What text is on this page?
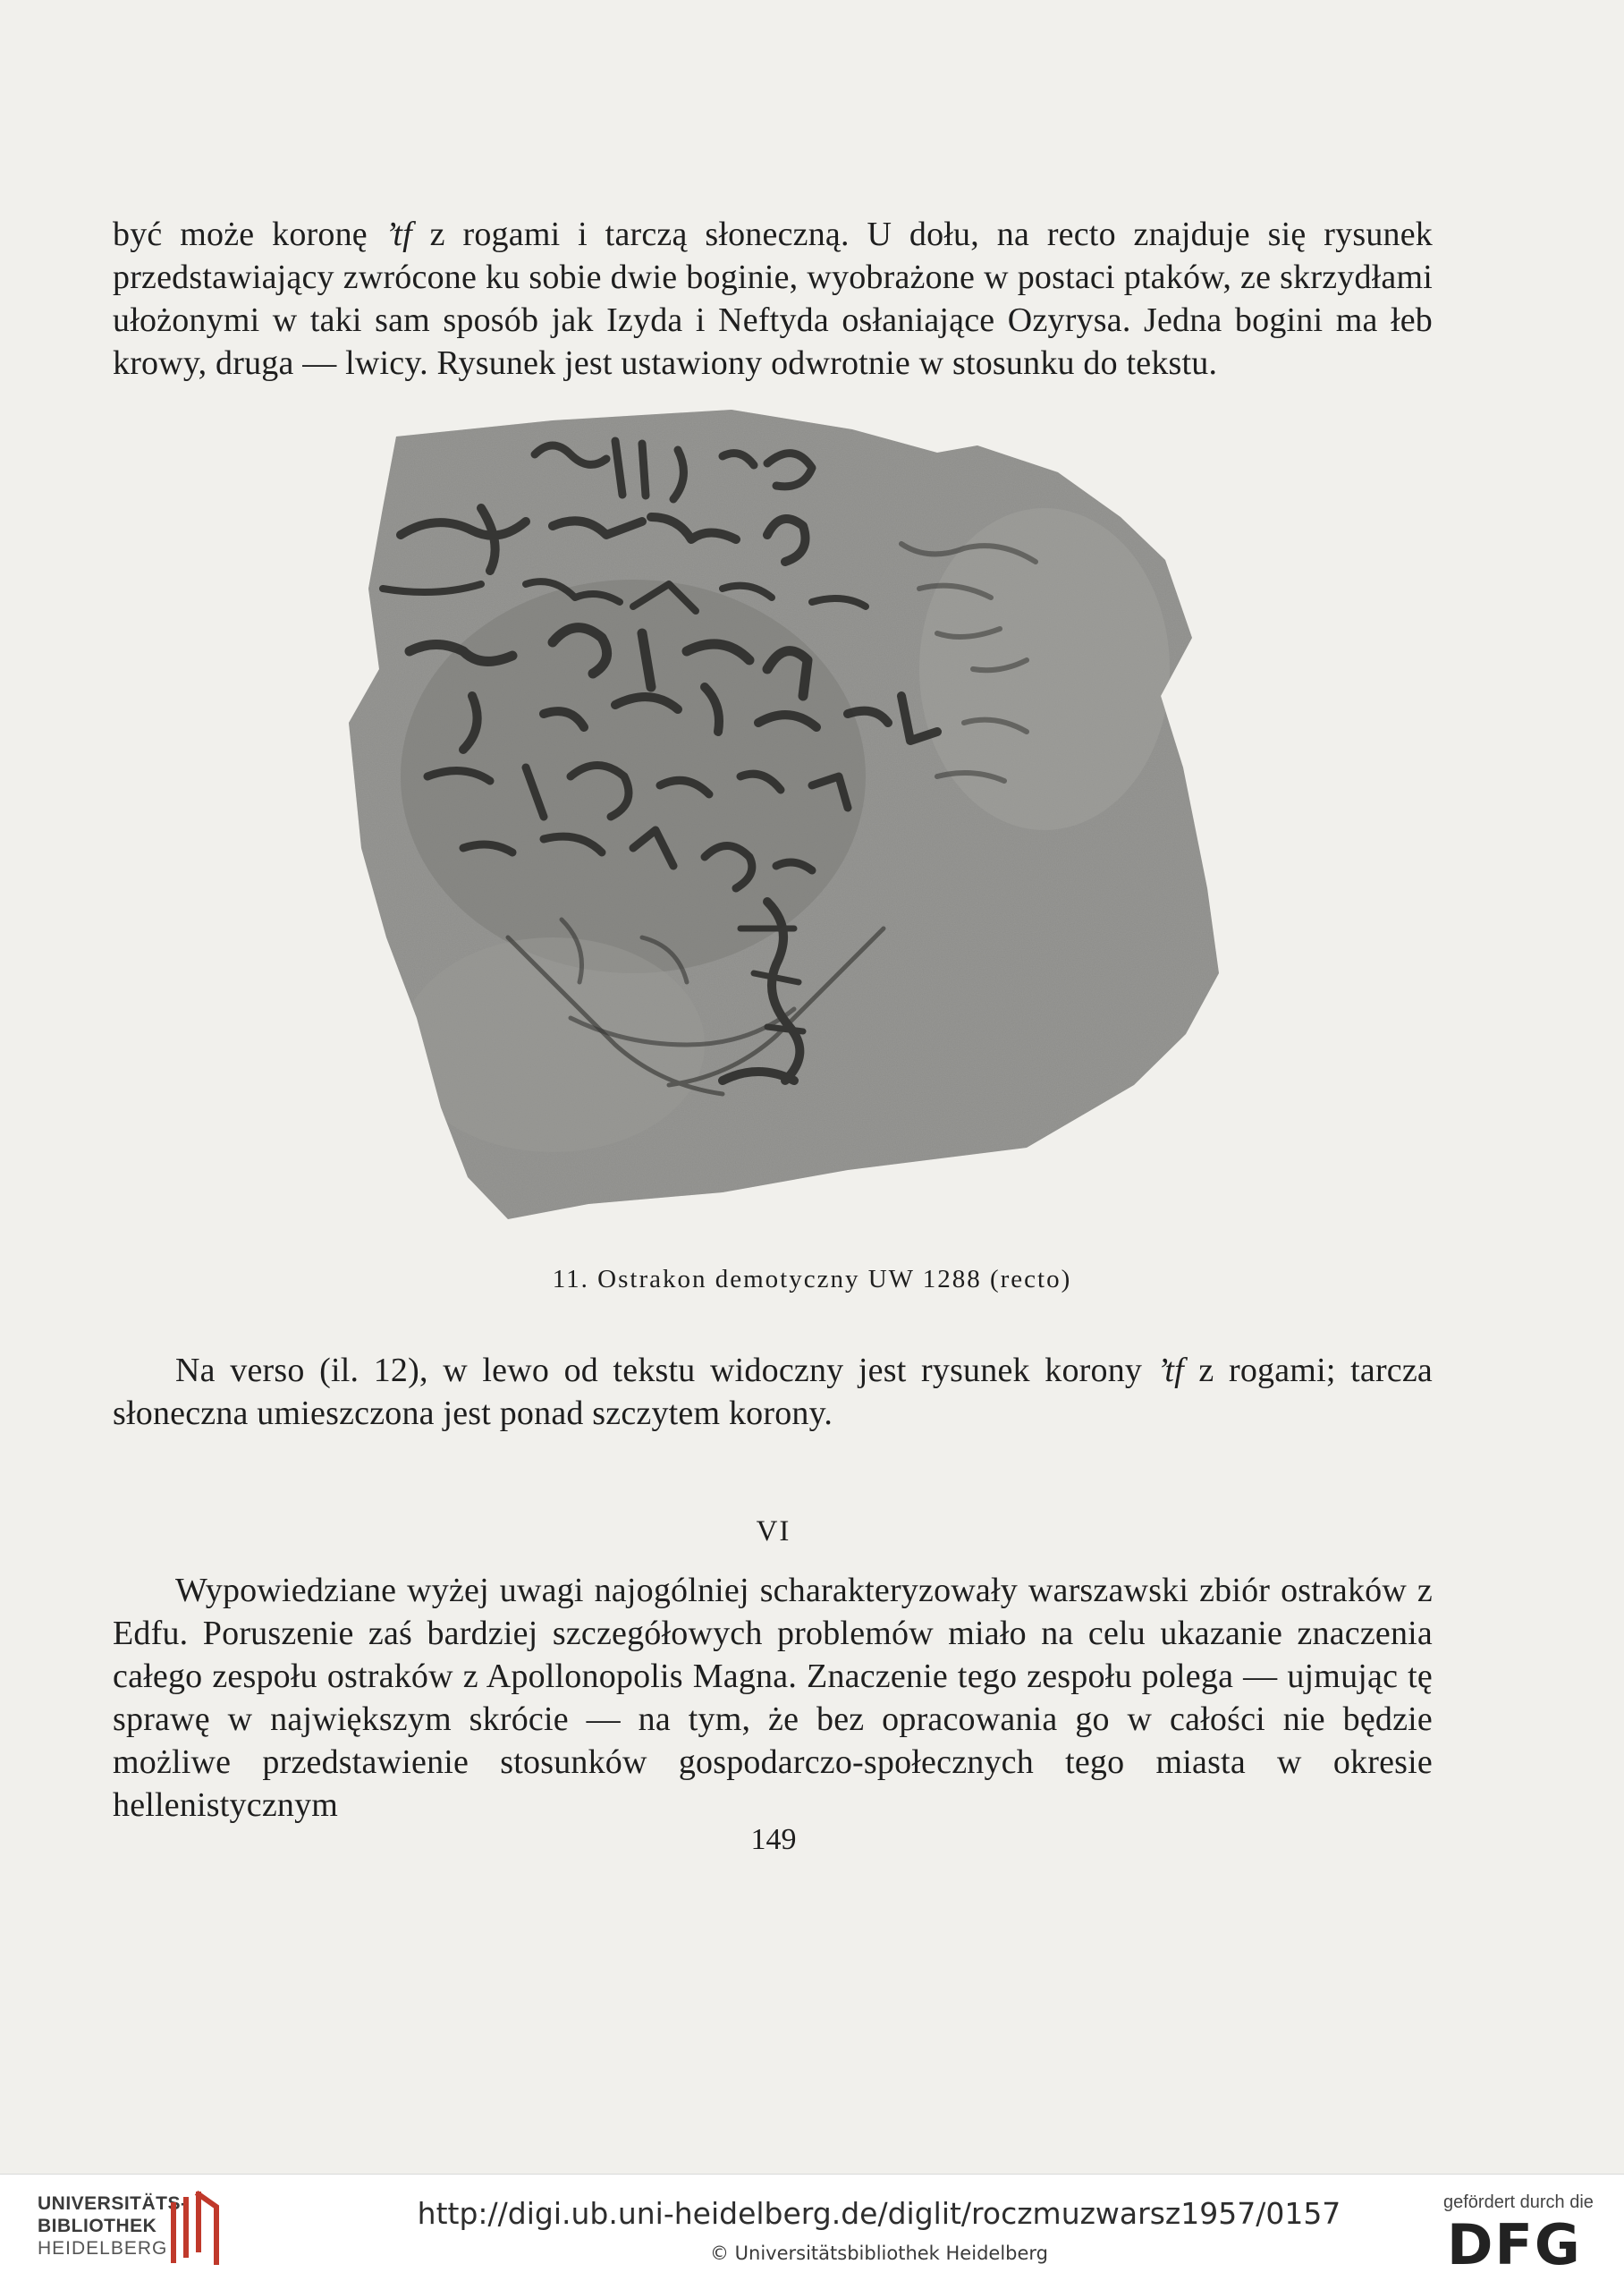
być może koronę ’tf z rogami i tarczą słoneczną. U dołu, na recto znajduje się rysunek przedstawiający zwrócone ku sobie dwie boginie, wyobrażone w postaci ptaków, ze skrzydłami ułożonymi w taki sam sposób jak Izyda i Neftyda osłaniające Ozyrysa. Jedna bogini ma łeb krowy, druga — lwicy. Rysunek jest ustawiony odwrotnie w stosunku do tekstu.

11. Ostrakon demotyczny UW 1288 (recto)

Na verso (il. 12), w lewo od tekstu widoczny jest rysunek korony ’tf z rogami; tarcza słoneczna umieszczona jest ponad szczytem korony.

VI

Wypowiedziane wyżej uwagi najogólniej scharakteryzowały warszawski zbiór ostraków z Edfu. Poruszenie zaś bardziej szczegółowych problemów miało na celu ukazanie znaczenia całego zespołu ostraków z Apollonopolis Magna. Znaczenie tego zespołu polega — ujmując tę sprawę w największym skrócie — na tym, że bez opracowania go w całości nie będzie możliwe przedstawienie stosunków gospodarczo-społecznych tego miasta w okresie hellenistycznym

149
UNIVERSITÄTS-
BIBLIOTHEK
HEIDELBERG
http://digi.ub.uni-heidelberg.de/diglit/roczmuzwarsz1957/0157
© Universitätsbibliothek Heidelberg
gefördert durch die
DFG
